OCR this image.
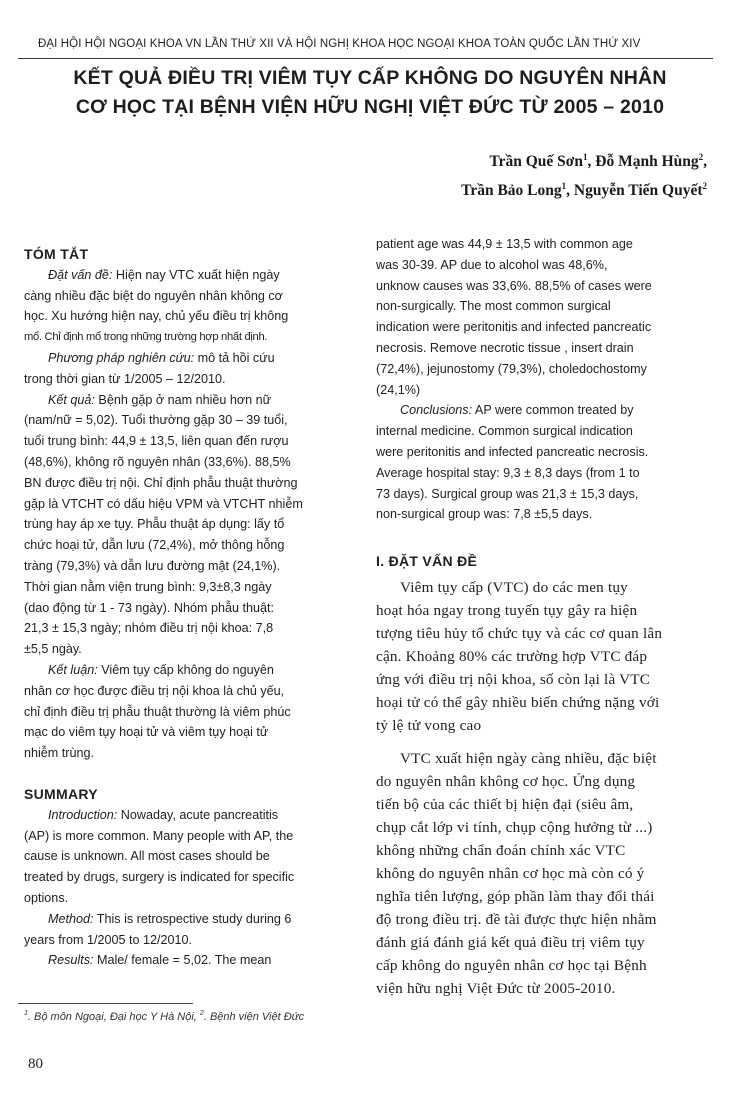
ĐẠI HỘI HỘI NGOẠI KHOA VN LẦN THỨ XII VÀ HỘI NGHỊ KHOA HỌC NGOẠI KHOA TOÀN QUỐC LẦN THỨ XIV
KẾT QUẢ ĐIỀU TRỊ VIÊM TỤY CẤP KHÔNG DO NGUYÊN NHÂN
CƠ HỌC TẠI BỆNH VIỆN HỮU NGHỊ VIỆT ĐỨC TỪ 2005 – 2010
Trần Quế Sơn$^1$, Đỗ Mạnh Hùng$^2$,
Trần Bảo Long$^1$, Nguyễn Tiến Quyết$^2$
TÓM TẮT
Đặt vấn đề: Hiện nay VTC xuất hiện ngày
càng nhiều đặc biệt do nguyên nhân không cơ
học. Xu hướng hiện nay, chủ yếu điều trị không
mổ. Chỉ định mổ trong những trường hợp nhất định.
Phương pháp nghiên cứu: mô tả hồi cứu
trong thời gian từ 1/2005 – 12/2010.
Kết quả: Bệnh gặp ở nam nhiều hơn nữ
(nam/nữ = 5,02). Tuổi thường gặp 30 – 39 tuổi,
tuổi trung bình: 44,9 ± 13,5, liên quan đến rượu
(48,6%), không rõ nguyên nhân (33,6%). 88,5%
BN được điều trị nội. Chỉ định phẫu thuật thường
gặp là VTCHT có dấu hiệu VPM và VTCHT nhiễm
trùng hay áp xe tụy. Phẫu thuật áp dụng: lấy tổ
chức hoại tử, dẫn lưu (72,4%), mở thông hỗng
tràng (79,3%) và dẫn lưu đường mật (24,1%).
Thời gian nằm viện trung bình: 9,3±8,3 ngày
(dao động từ 1 - 73 ngày). Nhóm phẫu thuật:
21,3 ± 15,3 ngày; nhóm điều trị nội khoa: 7,8
±5,5 ngày.
Kết luận: Viêm tụy cấp không do nguyên
nhân cơ học được điều trị nội khoa là chủ yếu,
chỉ định điều trị phẫu thuật thường là viêm phúc
mạc do viêm tụy hoại tử và viêm tụy hoại tử
nhiễm trùng.
SUMMARY
Introduction: Nowaday, acute pancreatitis
(AP) is more common. Many people with AP, the
cause is unknown. All most cases should be
treated by drugs, surgery is indicated for specific
options.
Method: This is retrospective study during 6
years from 1/2005 to 12/2010.
Results: Male/ female = 5,02. The mean
patient age was 44,9 ± 13,5 with common age
was 30-39. AP due to alcohol was 48,6%,
unknow causes was 33,6%. 88,5% of cases were
non-surgically. The most common surgical
indication were peritonitis and infected pancreatic
necrosis. Remove necrotic tissue , insert drain
(72,4%), jejunostomy (79,3%), choledochostomy
(24,1%)
Conclusions: AP were common treated by
internal medicine. Common surgical indication
were peritonitis and infected pancreatic necrosis.
Average hospital stay: 9,3 ± 8,3 days (from 1 to
73 days). Surgical group was 21,3 ± 15,3 days,
non-surgical group was: 7,8 ±5,5 days.
I. ĐẶT VẤN ĐỀ
Viêm tụy cấp (VTC) do các men tụy
hoạt hóa ngay trong tuyến tụy gây ra hiện
tượng tiêu hủy tổ chức tụy và các cơ quan lân
cận. Khoảng 80% các trường hợp VTC đáp
ứng với điều trị nội khoa, số còn lại là VTC
hoại tử có thể gây nhiều biến chứng nặng với
tỷ lệ tử vong cao
VTC xuất hiện ngày càng nhiều, đặc biệt
do nguyên nhân không cơ học. Ứng dụng
tiến bộ của các thiết bị hiện đại (siêu âm,
chụp cắt lớp vi tính, chụp cộng hưởng từ ...)
không những chẩn đoán chính xác VTC
không do nguyên nhân cơ học mà còn có ý
nghĩa tiên lượng, góp phần làm thay đổi thái
độ trong điều trị. đề tài được thực hiện nhằm
đánh giá đánh giá kết quả điều trị viêm tụy
cấp không do nguyên nhân cơ học tại Bệnh
viện hữu nghị Việt Đức từ 2005-2010.
$^1$. Bộ môn Ngoại, Đại học Y Hà Nội, $^2$. Bệnh viện Việt Đức
80
